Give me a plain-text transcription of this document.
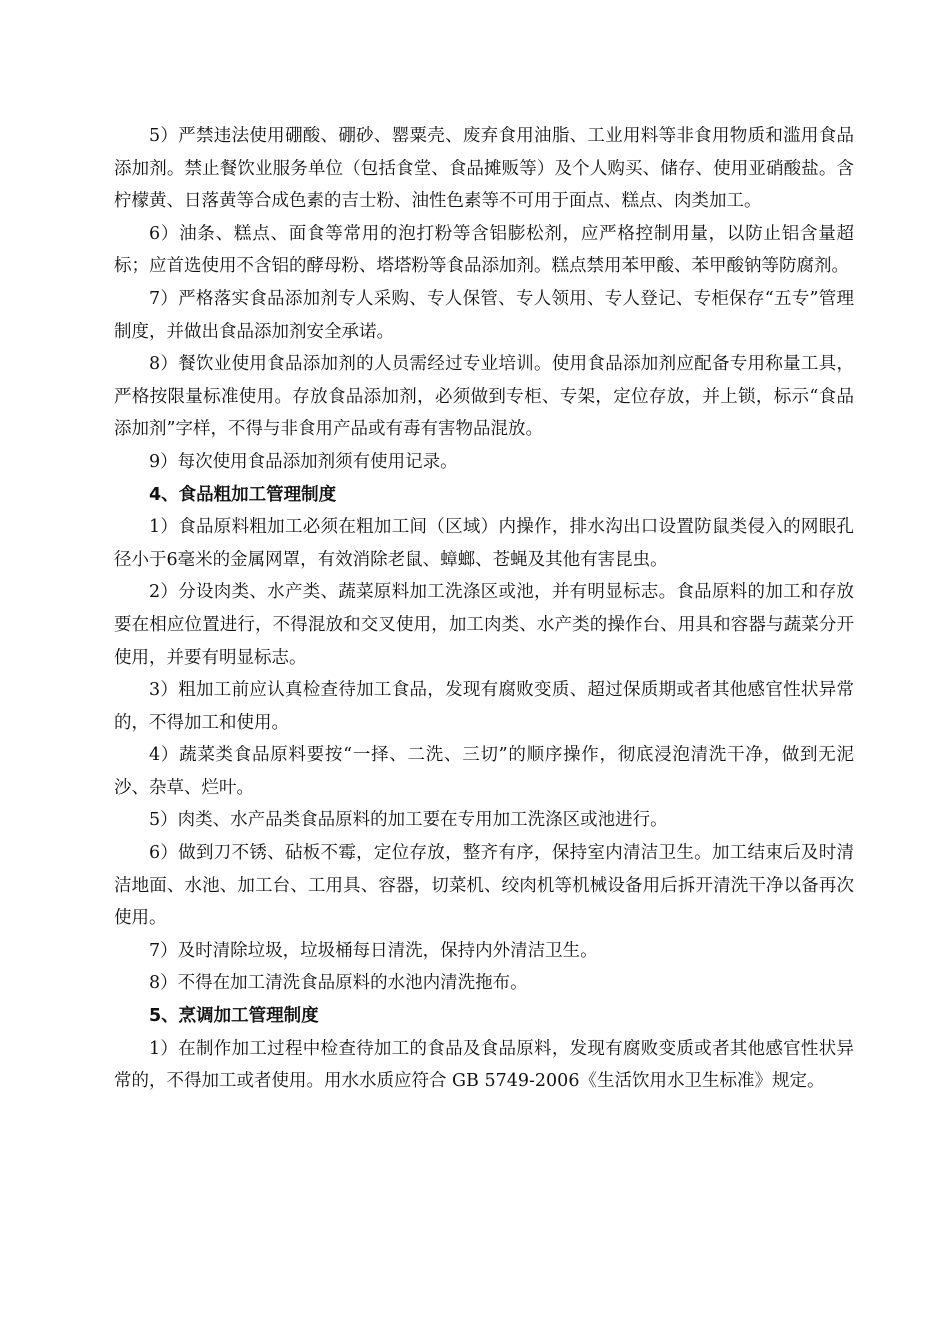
5）严禁违法使用硼酸、硼砂、罂粟壳、废弃食用油脂、工业用料等非食用物质和滥用食品添加剂。禁止餐饮业服务单位（包括食堂、食品摊贩等）及个人购买、储存、使用亚硝酸盐。含柠檬黄、日落黄等合成色素的吉士粉、油性色素等不可用于面点、糕点、肉类加工。

6）油条、糕点、面食等常用的泡打粉等含铝膨松剂，应严格控制用量，以防止铝含量超标；应首选使用不含铝的酵母粉、塔塔粉等食品添加剂。糕点禁用苯甲酸、苯甲酸钠等防腐剂。

7）严格落实食品添加剂专人采购、专人保管、专人领用、专人登记、专柜保存“五专”管理制度，并做出食品添加剂安全承诺。

8）餐饮业使用食品添加剂的人员需经过专业培训。使用食品添加剂应配备专用称量工具，严格按限量标准使用。存放食品添加剂，必须做到专柜、专架，定位存放，并上锁，标示“食品添加剂”字样，不得与非食用产品或有毒有害物品混放。

9）每次使用食品添加剂须有使用记录。

4、食品粗加工管理制度

1）食品原料粗加工必须在粗加工间（区域）内操作，排水沟出口设置防鼠类侵入的网眼孔径小于6毫米的金属网罩，有效消除老鼠、蟑螂、苍蝇及其他有害昆虫。

2）分设肉类、水产类、蔬菜原料加工洗涤区或池，并有明显标志。食品原料的加工和存放要在相应位置进行，不得混放和交叉使用，加工肉类、水产类的操作台、用具和容器与蔬菜分开使用，并要有明显标志。

3）粗加工前应认真检查待加工食品，发现有腐败变质、超过保质期或者其他感官性状异常的，不得加工和使用。

4）蔬菜类食品原料要按“一择、二洗、三切”的顺序操作，彻底浸泡清洗干净，做到无泥沙、杂草、烂叶。

5）肉类、水产品类食品原料的加工要在专用加工洗涤区或池进行。

6）做到刀不锈、砧板不霉，定位存放，整齐有序，保持室内清洁卫生。加工结束后及时清洁地面、水池、加工台、工用具、容器，切菜机、绞肉机等机械设备用后拆开清洗干净以备再次使用。

7）及时清除垃圾，垃圾桶每日清洗，保持内外清洁卫生。

8）不得在加工清洗食品原料的水池内清洗拖布。

5、烹调加工管理制度

1）在制作加工过程中检查待加工的食品及食品原料，发现有腐败变质或者其他感官性状异常的，不得加工或者使用。用水水质应符合 GB 5749-2006《生活饮用水卫生标准》规定。
